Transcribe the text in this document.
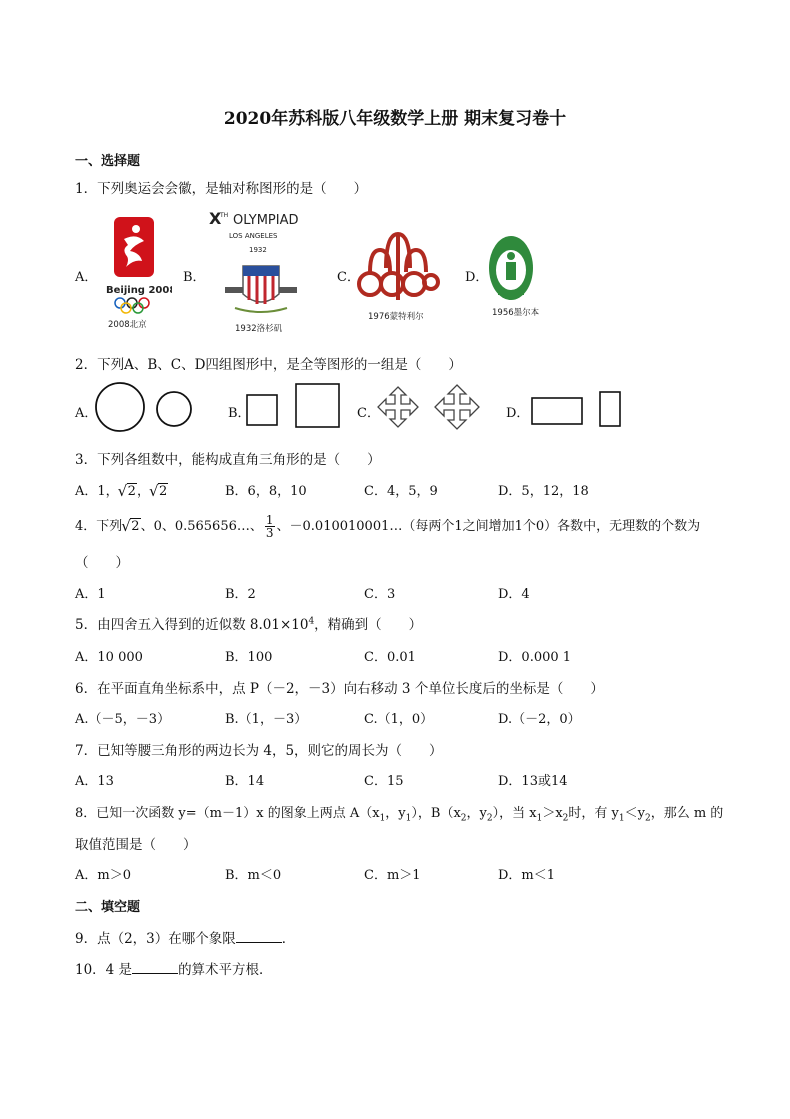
2020年苏科版八年级数学上册 期末复习卷十
一、选择题
1．下列奥运会会徽，是轴对称图形的是（　　）
A．
Beijing 2008
2008北京
B．
X
TH OLYMPIAD
LOS ANGELES
1932
1932洛杉矶
C．
1976蒙特利尔
D．
1956墨尔本
2．下列A、B、C、D四组图形中，是全等图形的一组是（　　）
A．	B．	C．	D．
3．下列各组数中，能构成直角三角形的是（　　）
A．1， √ 2， √ 2	B．6，8，10	C．4，5，9	D．5，12，18
4．下列 √ 2、0、0.565656…、 $\frac{1}{3}$ 、－0.010010001…（每两个1之间增加1个0）各数中，无理数的个数为
（　　）
A．1	B．2	C．3	D．4
5．由四舍五入得到的近似数 $8.01\times 10^4$，精确到（　　）
A．10 000	B．100	C．0.01	D．0.000 1
6．在平面直角坐标系中，点 P（－2，－3）向右移动 3 个单位长度后的坐标是（　　）
A.（－5，－3）	B.（1，－3）	C.（1，0）	D.（－2，0）
7．已知等腰三角形的两边长为 4，5，则它的周长为（　　）
A．13	B．14	C．15	D．13或14
8．已知一次函数 y=（m－1）x 的图象上两点 $A(x_1$，$y_1$），$B(x_2$，$y_2$），当 $x_1>x_2$时，有 $y_1<y_2$，那么 m 的
取值范围是（　　）
A．m＞0	B．m＜0	C．m＞1	D．m＜1
二、填空题
9．点（2，3）在哪个象限	．
10．4 是	的算术平方根．
